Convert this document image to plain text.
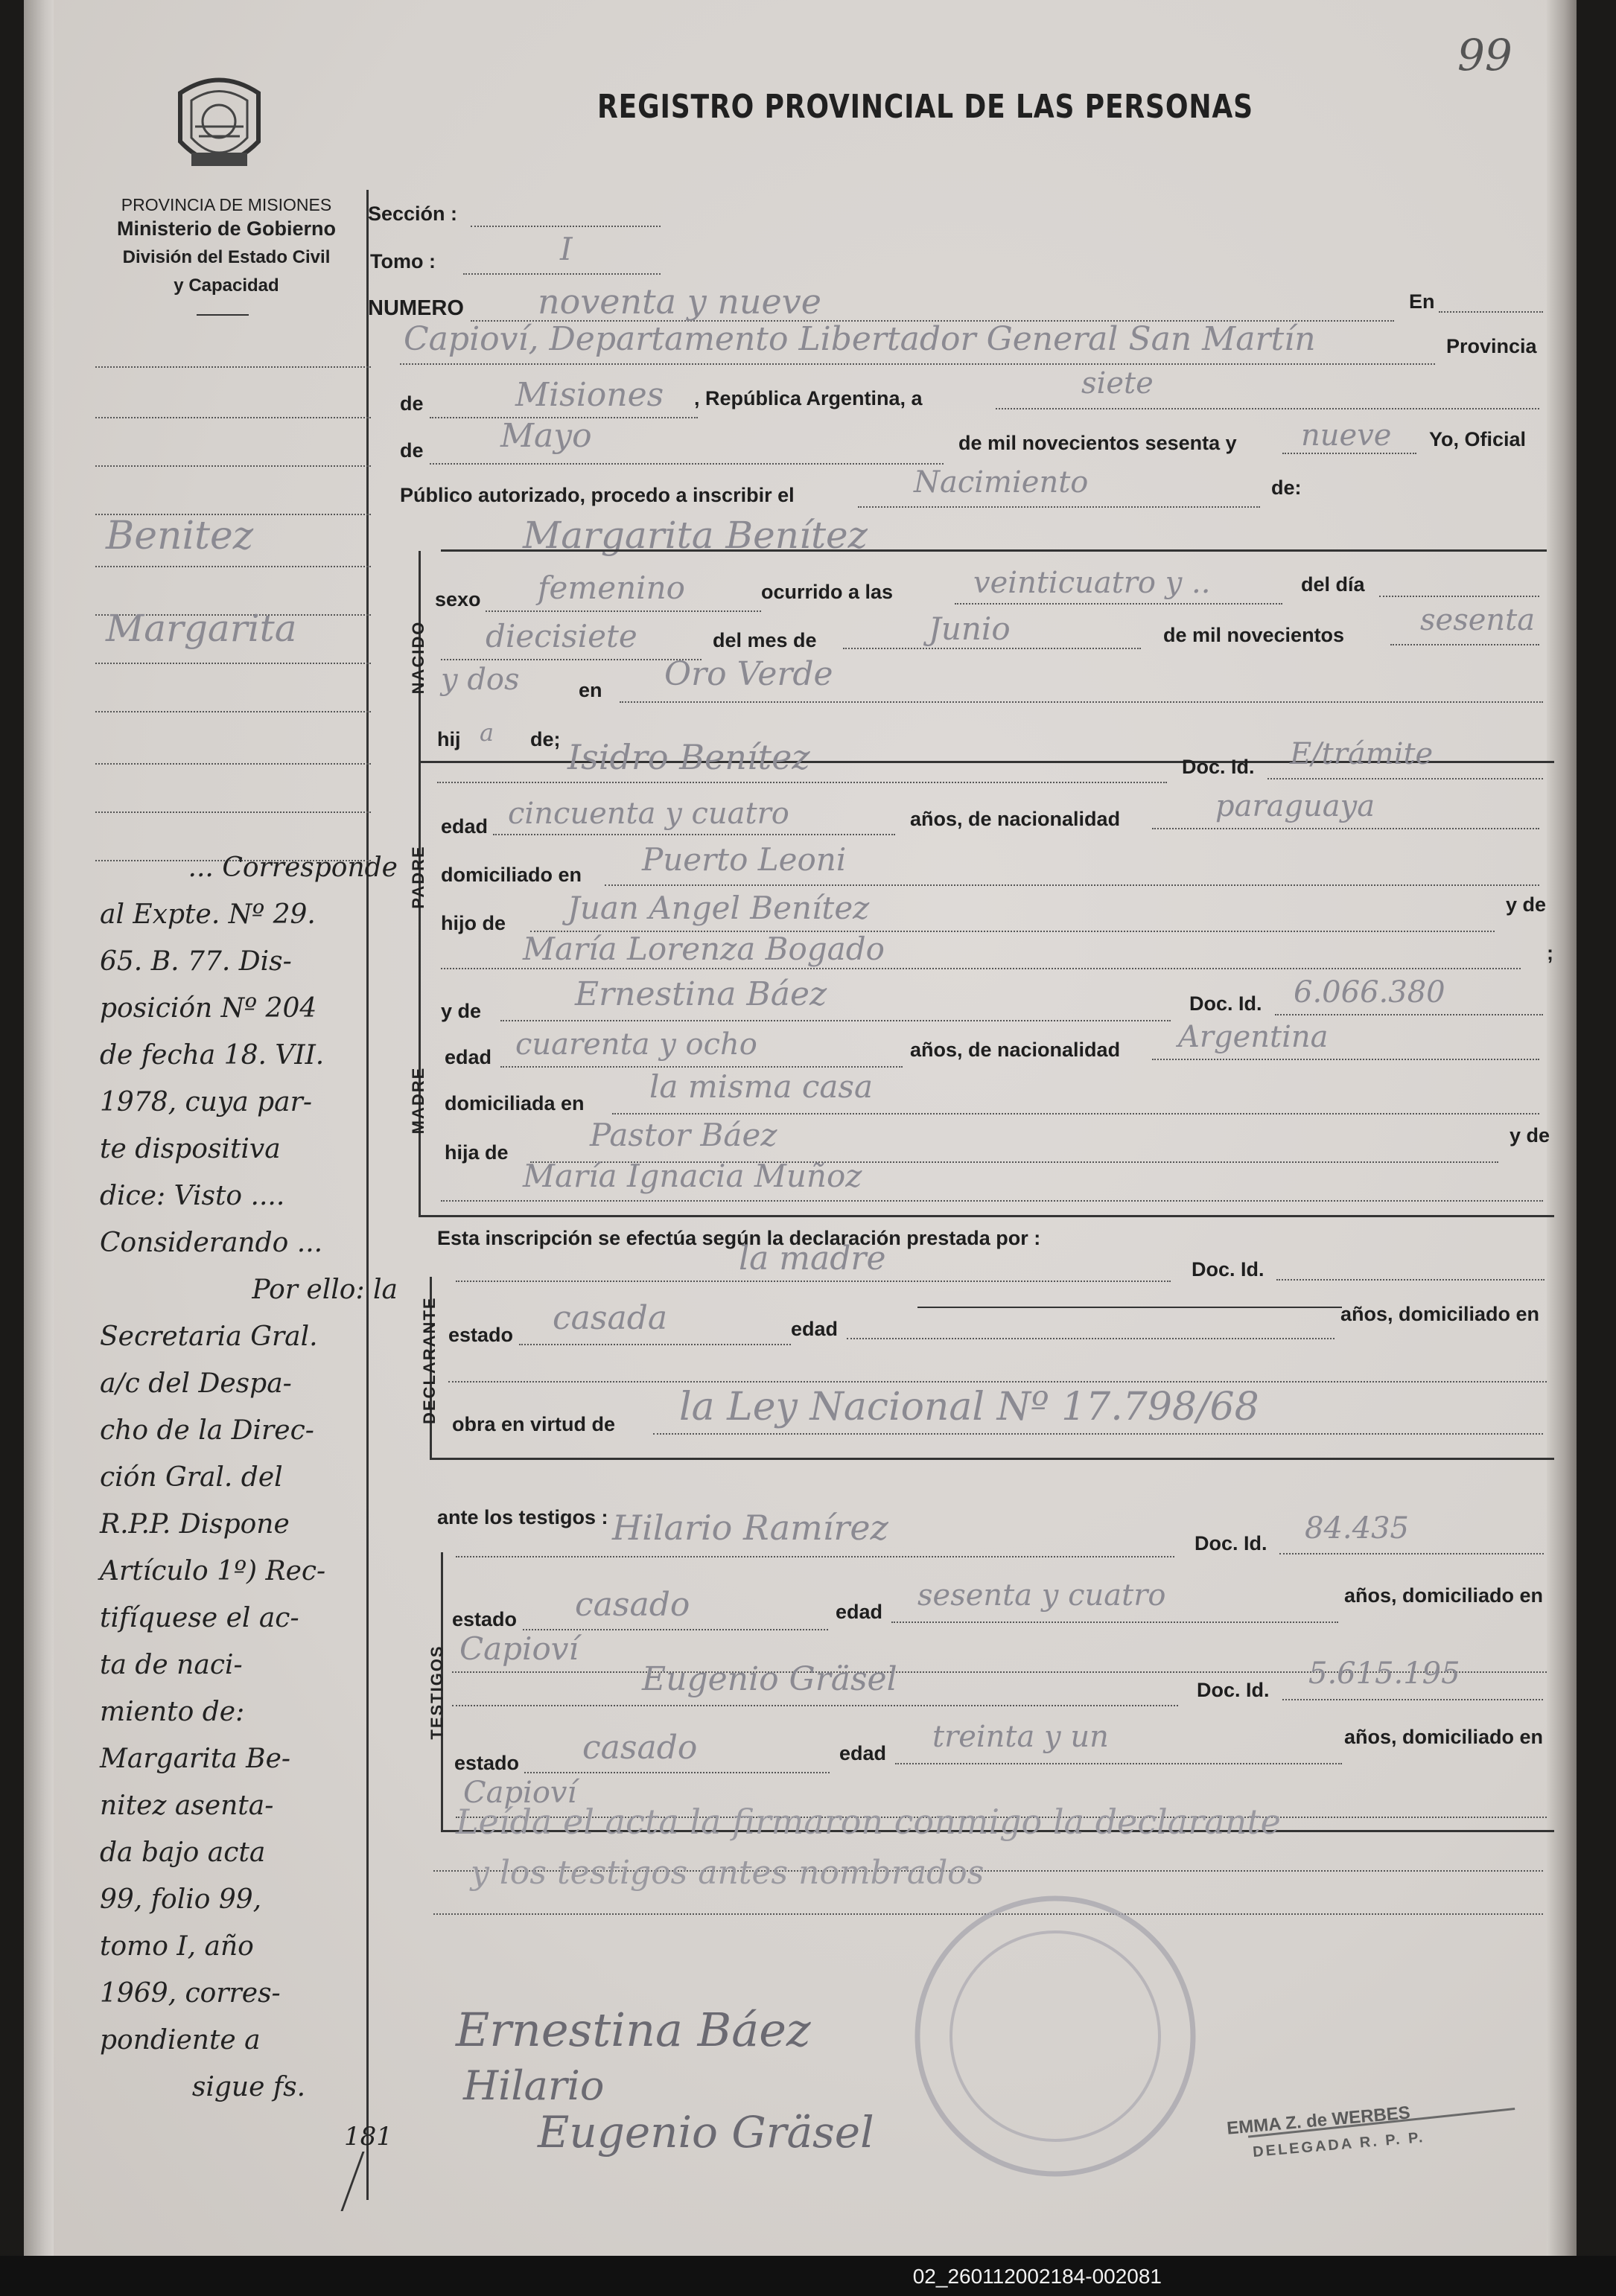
99
REGISTRO PROVINCIAL DE LAS PERSONAS
PROVINCIA DE MISIONES
Ministerio de Gobierno
División del Estado Civil
y Capacidad
Benitez
Margarita
... Corresponde
al Expte. Nº 29.
65. B. 77. Dis-
posición Nº 204
de fecha 18. VII.
1978, cuya par-
te dispositiva
dice: Visto ....
Considerando ...
Por ello: la
Secretaria Gral.
a/c del Despa-
cho de la Direc-
ción Gral. del
R.P.P. Dispone
Artículo 1º) Rec-
tifíquese el ac-
ta de naci-
miento de:
Margarita Be-
nitez asenta-
da bajo acta
99, folio 99,
tomo I, año
1969, corres-
pondiente a
sigue fs.
181
Sección :
Tomo :	I
NUMERO noventa y nueve	En
Capioví, Departamento Libertador General San Martín	Provincia
de	Misiones , República Argentina, a	siete
de Mayo	de mil novecientos sesenta y nueve Yo, Oficial
Público autorizado, procedo a inscribir el	Nacimiento	de:
Margarita Benítez
NACIDO
sexo femenino	ocurrido a las	veinticuatro y ..	del día
diecisiete	del mes de	Junio	de mil novecientos	sesenta
y dos	en Oro Verde
hij a de;
PADRE
Isidro Benítez	Doc. Id. E/trámite
edad cincuenta y cuatro	años, de nacionalidad	paraguaya
domiciliado en Puerto Leoni
hijo de Juan Angel Benítez	y de
María Lorenza Bogado	;
MADRE
y de	Ernestina Báez	Doc. Id. 6.066.380
edad cuarenta y ocho	años, de nacionalidad Argentina
domiciliada en la misma casa
hija de	Pastor Báez	y de
María Ignacia Muñoz
Esta inscripción se efectúa según la declaración prestada por :
la madre	Doc. Id.
DECLARANTE estado casada	edad
años, domiciliado en
obra en virtud de la Ley Nacional Nº 17.798/68
ante los testigos : Hilario Ramírez	Doc. Id. 84.435
TESTIGOS
estado casado	edad sesenta y cuatro	años, domiciliado en
Capioví
Eugenio Gräsel	Doc. Id. 5.615.195
estado casado	edad treinta y un	años, domiciliado en
Capioví
Leída el acta la firmaron conmigo la declarante
y los testigos antes nombrados
Ernestina Báez
Hilario
Eugenio Gräsel	EMMA Z. de WERBES
DELEGADA R. P. P.
02_260112002184-002081
